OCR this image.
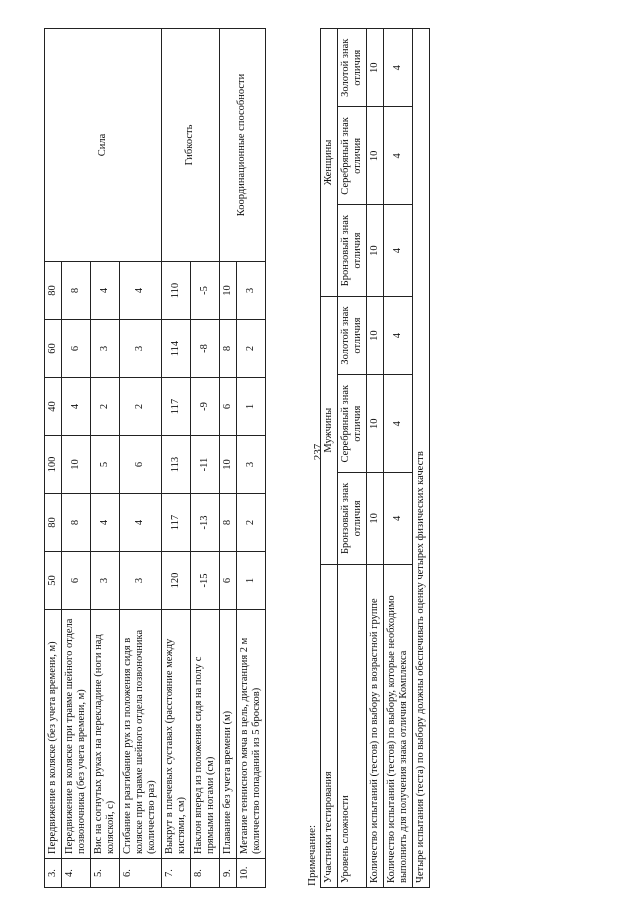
237
3.	Передвижение в коляске (без учета времени, м)	50	80	100	40	60	80	Сила
4.	Передвижение в коляске при травме шейного отдела позвоночника (без учета времени, м)	6	8	10	4	6	8	
5.	Вис на согнутых руках на перекладине (ноги над коляской, с)	3	4	5	2	3	4	
6.	Сгибание и разгибание рук из положения сидя в коляске при травме шейного отдела позвоночника (количество раз)	3	4	6	2	3	4	
7.	Выкрут в плечевых суставах (расстояние между кистями, см)	120	117	113	117	114	110	Гибкость
8.	Наклон вперед из положения сидя на полу с прямыми ногами (см)	-15	-13	-11	-9	-8	-5	
9.	Плавание без учета времени (м)	6	8	10	6	8	10	Координационные способности
10.	Метание теннисного мяча в цель, дистанция 2 м (количество попаданий из 5 бросков)	1	2	3	1	2	3	
Примечание: Участники тестирования	Мужчины			Женщины		
Уровень сложности	Бронзовый знак отличия	Серебряный знак отличия	Золотой знак отличия	Бронзовый знак отличия	Серебряный знак отличия	Золотой знак отличия
Количество испытаний (тестов) по выбору в возрастной группе	10	10	10	10	10	10
Количество испытаний (тестов) по выбору, которые необходимо выполнить для получения знака отличия Комплекса	4	4	4	4	4	4
Четыре испытания (теста) по выбору должны обеспечивать оценку четырех физических качеств						
